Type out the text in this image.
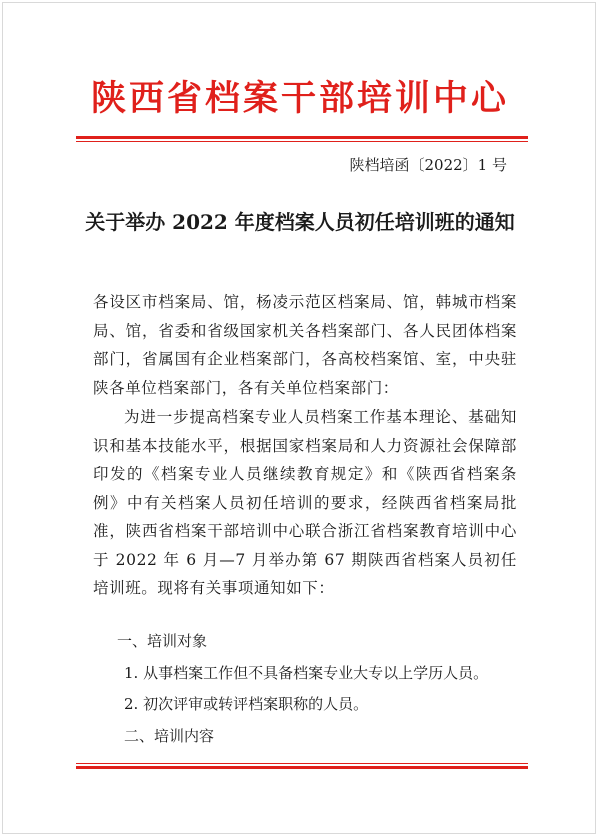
陕西省档案干部培训中心
陕档培函〔2022〕1 号
关于举办 2022 年度档案人员初任培训班的通知
各设区市档案局、馆，杨凌示范区档案局、馆，韩城市档案局、馆，省委和省级国家机关各档案部门、各人民团体档案部门，省属国有企业档案部门，各高校档案馆、室，中央驻陕各单位档案部门，各有关单位档案部门：
为进一步提高档案专业人员档案工作基本理论、基础知识和基本技能水平，根据国家档案局和人力资源社会保障部印发的《档案专业人员继续教育规定》和《陕西省档案条例》中有关档案人员初任培训的要求，经陕西省档案局批准，陕西省档案干部培训中心联合浙江省档案教育培训中心于 2022 年 6 月—7 月举办第 67 期陕西省档案人员初任培训班。现将有关事项通知如下：
一、培训对象
1. 从事档案工作但不具备档案专业大专以上学历人员。
2. 初次评审或转评档案职称的人员。
二、培训内容
